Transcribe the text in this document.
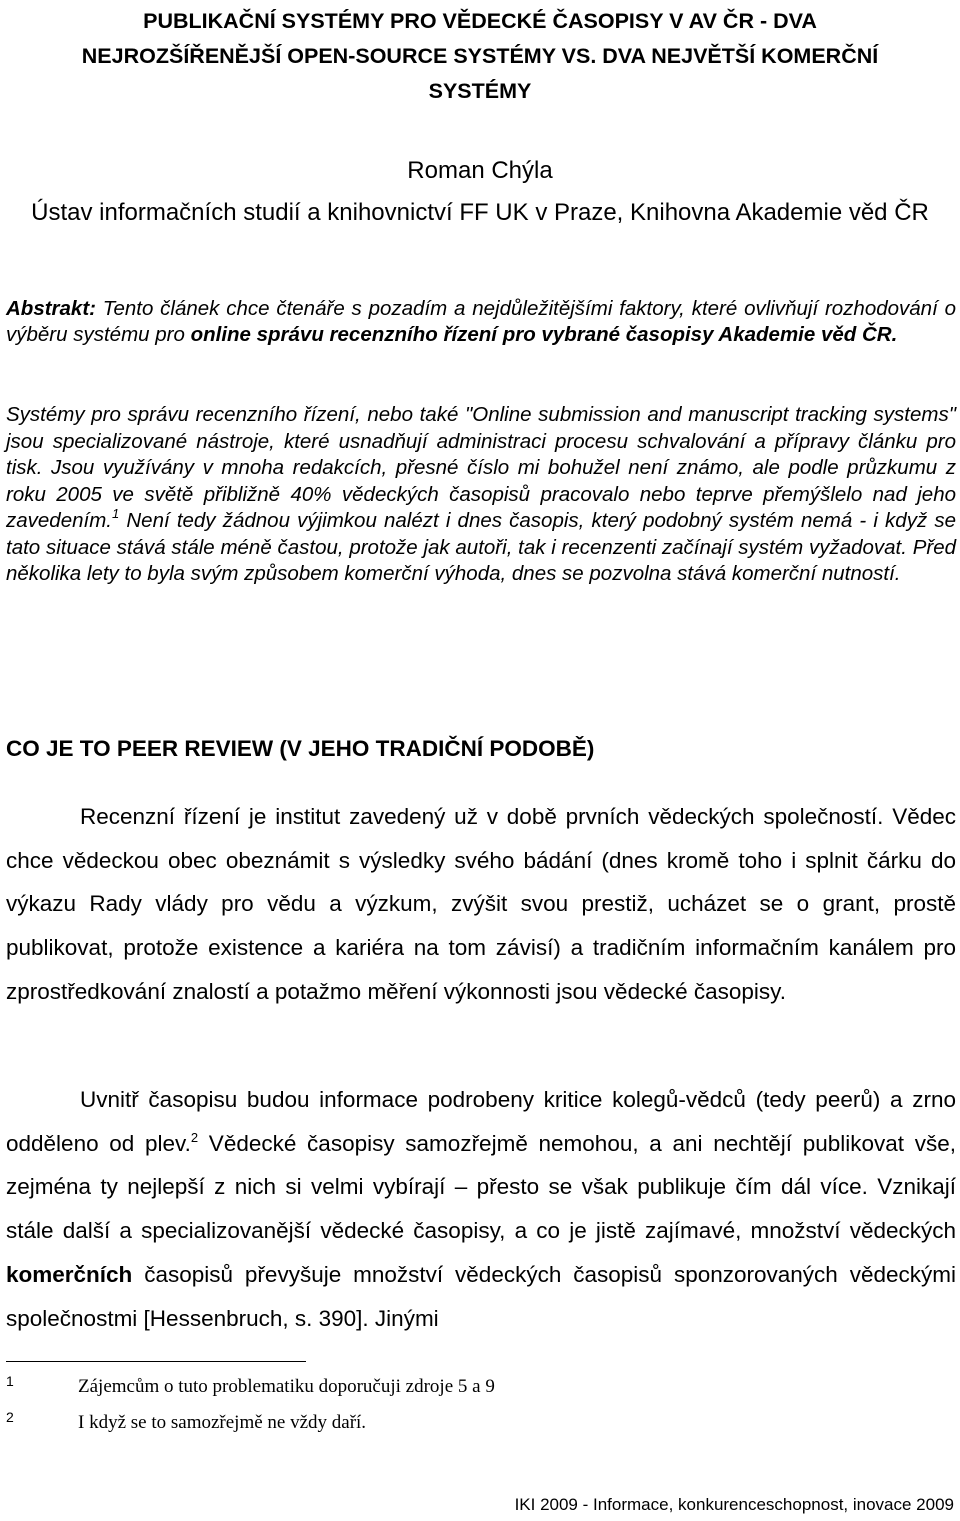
PUBLIKAČNÍ SYSTÉMY PRO VĚDECKÉ ČASOPISY V AV ČR - DVA
NEJROZŠÍŘENĚJŠÍ OPEN-SOURCE SYSTÉMY VS. DVA NEJVĚTŠÍ KOMERČNÍ
SYSTÉMY
Roman Chýla
Ústav informačních studií a knihovnictví FF UK v Praze, Knihovna Akademie věd ČR

Abstrakt: Tento článek chce čtenáře s pozadím a nejdůležitějšími faktory, které ovlivňují rozhodování o výběru systému pro online správu recenzního řízení pro vybrané časopisy Akademie věd ČR.

Systémy pro správu recenzního řízení, nebo také "Online submission and manuscript tracking systems" jsou specializované nástroje, které usnadňují administraci procesu schvalování a přípravy článku pro tisk. Jsou využívány v mnoha redakcích, přesné číslo mi bohužel není známo, ale podle průzkumu z roku 2005 ve světě přibližně 40% vědeckých časopisů pracovalo nebo teprve přemýšlelo nad jeho zavedením.$^1$ Není tedy žádnou výjimkou nalézt i dnes časopis, který podobný systém nemá - i když se tato situace stává stále méně častou, protože jak autoři, tak i recenzenti začínají systém vyžadovat. Před několika lety to byla svým způsobem komerční výhoda, dnes se pozvolna stává komerční nutností.

CO JE TO PEER REVIEW (V JEHO TRADIČNÍ PODOBĚ)

Recenzní řízení je institut zavedený už v době prvních vědeckých společností. Vědec chce vědeckou obec obeznámit s výsledky svého bádání (dnes kromě toho i splnit čárku do výkazu Rady vlády pro vědu a výzkum, zvýšit svou prestiž, ucházet se o grant, prostě publikovat, protože existence a kariéra na tom závisí) a tradičním informačním kanálem pro zprostředkování znalostí a potažmo měření výkonnosti jsou vědecké časopisy.

Uvnitř časopisu budou informace podrobeny kritice kolegů-vědců (tedy peerů) a zrno odděleno od plev.$^2$ Vědecké časopisy samozřejmě nemohou, a ani nechtějí publikovat vše, zejména ty nejlepší z nich si velmi vybírají – přesto se však publikuje čím dál více. Vznikají stále další a specializovanější vědecké časopisy, a co je jistě zajímavé, množství vědeckých komerčních časopisů převyšuje množství vědeckých časopisů sponzorovaných vědeckými společnostmi [Hessenbruch, s. 390]. Jinými

1	Zájemcům o tuto problematiku doporučuji zdroje 5 a 9
2	I když se to samozřejmě ne vždy daří.
IKI 2009 - Informace, konkurenceschopnost, inovace 2009
